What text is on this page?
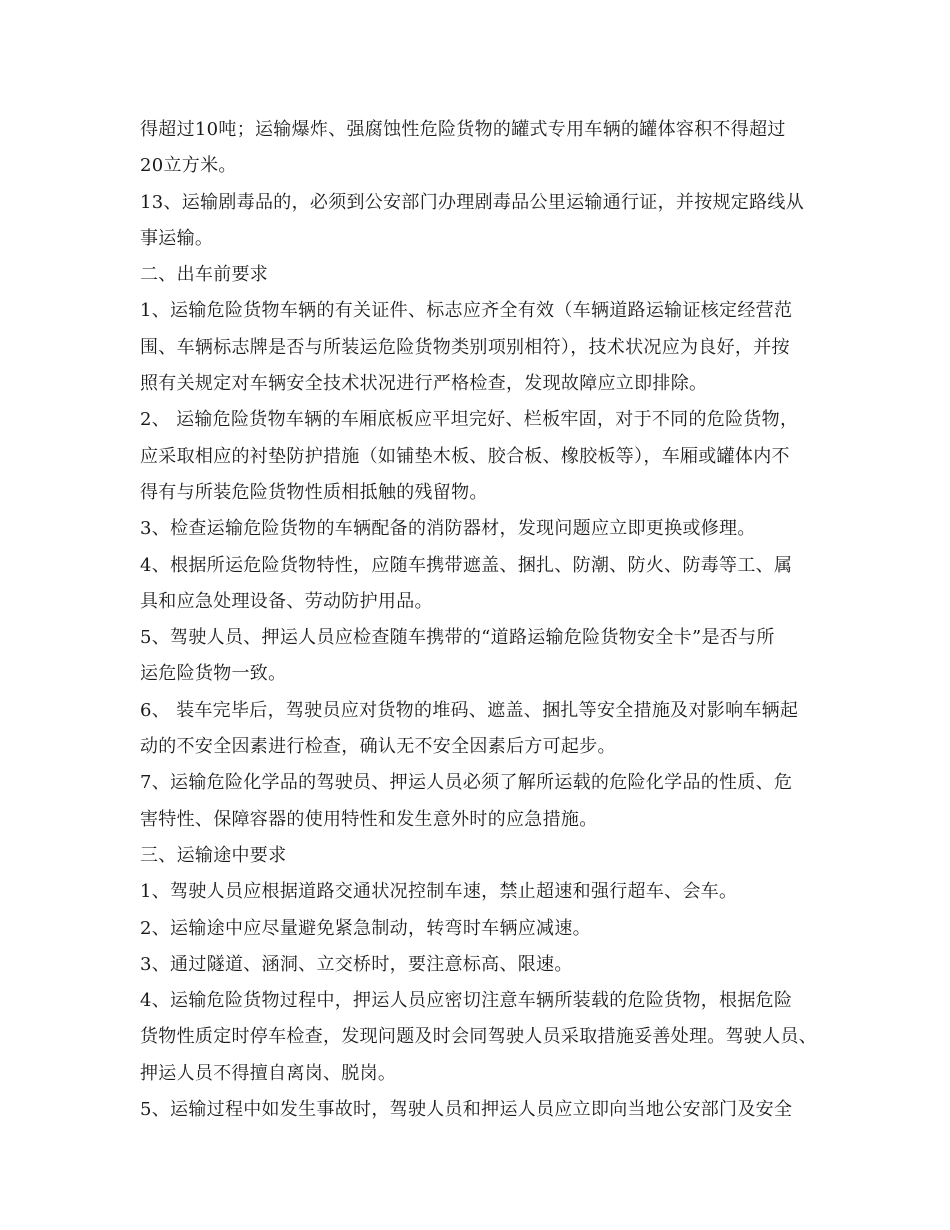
得超过10吨；运输爆炸、强腐蚀性危险货物的罐式专用车辆的罐体容积不得超过
20立方米。
13、运输剧毒品的，必须到公安部门办理剧毒品公里运输通行证，并按规定路线从
事运输。
二、出车前要求
1、运输危险货物车辆的有关证件、标志应齐全有效（车辆道路运输证核定经营范
围、车辆标志牌是否与所装运危险货物类别项别相符），技术状况应为良好，并按
照有关规定对车辆安全技术状况进行严格检查，发现故障应立即排除。
2、 运输危险货物车辆的车厢底板应平坦完好、栏板牢固，对于不同的危险货物，
应采取相应的衬垫防护措施（如铺垫木板、胶合板、橡胶板等），车厢或罐体内不
得有与所装危险货物性质相抵触的残留物。
3、检查运输危险货物的车辆配备的消防器材，发现问题应立即更换或修理。
4、根据所运危险货物特性，应随车携带遮盖、捆扎、防潮、防火、防毒等工、属
具和应急处理设备、劳动防护用品。
5、驾驶人员、押运人员应检查随车携带的“道路运输危险货物安全卡”是否与所
运危险货物一致。
6、 装车完毕后，驾驶员应对货物的堆码、遮盖、捆扎等安全措施及对影响车辆起
动的不安全因素进行检查，确认无不安全因素后方可起步。
7、运输危险化学品的驾驶员、押运人员必须了解所运载的危险化学品的性质、危
害特性、保障容器的使用特性和发生意外时的应急措施。
三、运输途中要求
1、驾驶人员应根据道路交通状况控制车速，禁止超速和强行超车、会车。
2、运输途中应尽量避免紧急制动，转弯时车辆应减速。
3、通过隧道、涵洞、立交桥时，要注意标高、限速。
4、运输危险货物过程中，押运人员应密切注意车辆所装载的危险货物，根据危险
货物性质定时停车检查，发现问题及时会同驾驶人员采取措施妥善处理。驾驶人员、
押运人员不得擅自离岗、脱岗。
5、运输过程中如发生事故时，驾驶人员和押运人员应立即向当地公安部门及安全
